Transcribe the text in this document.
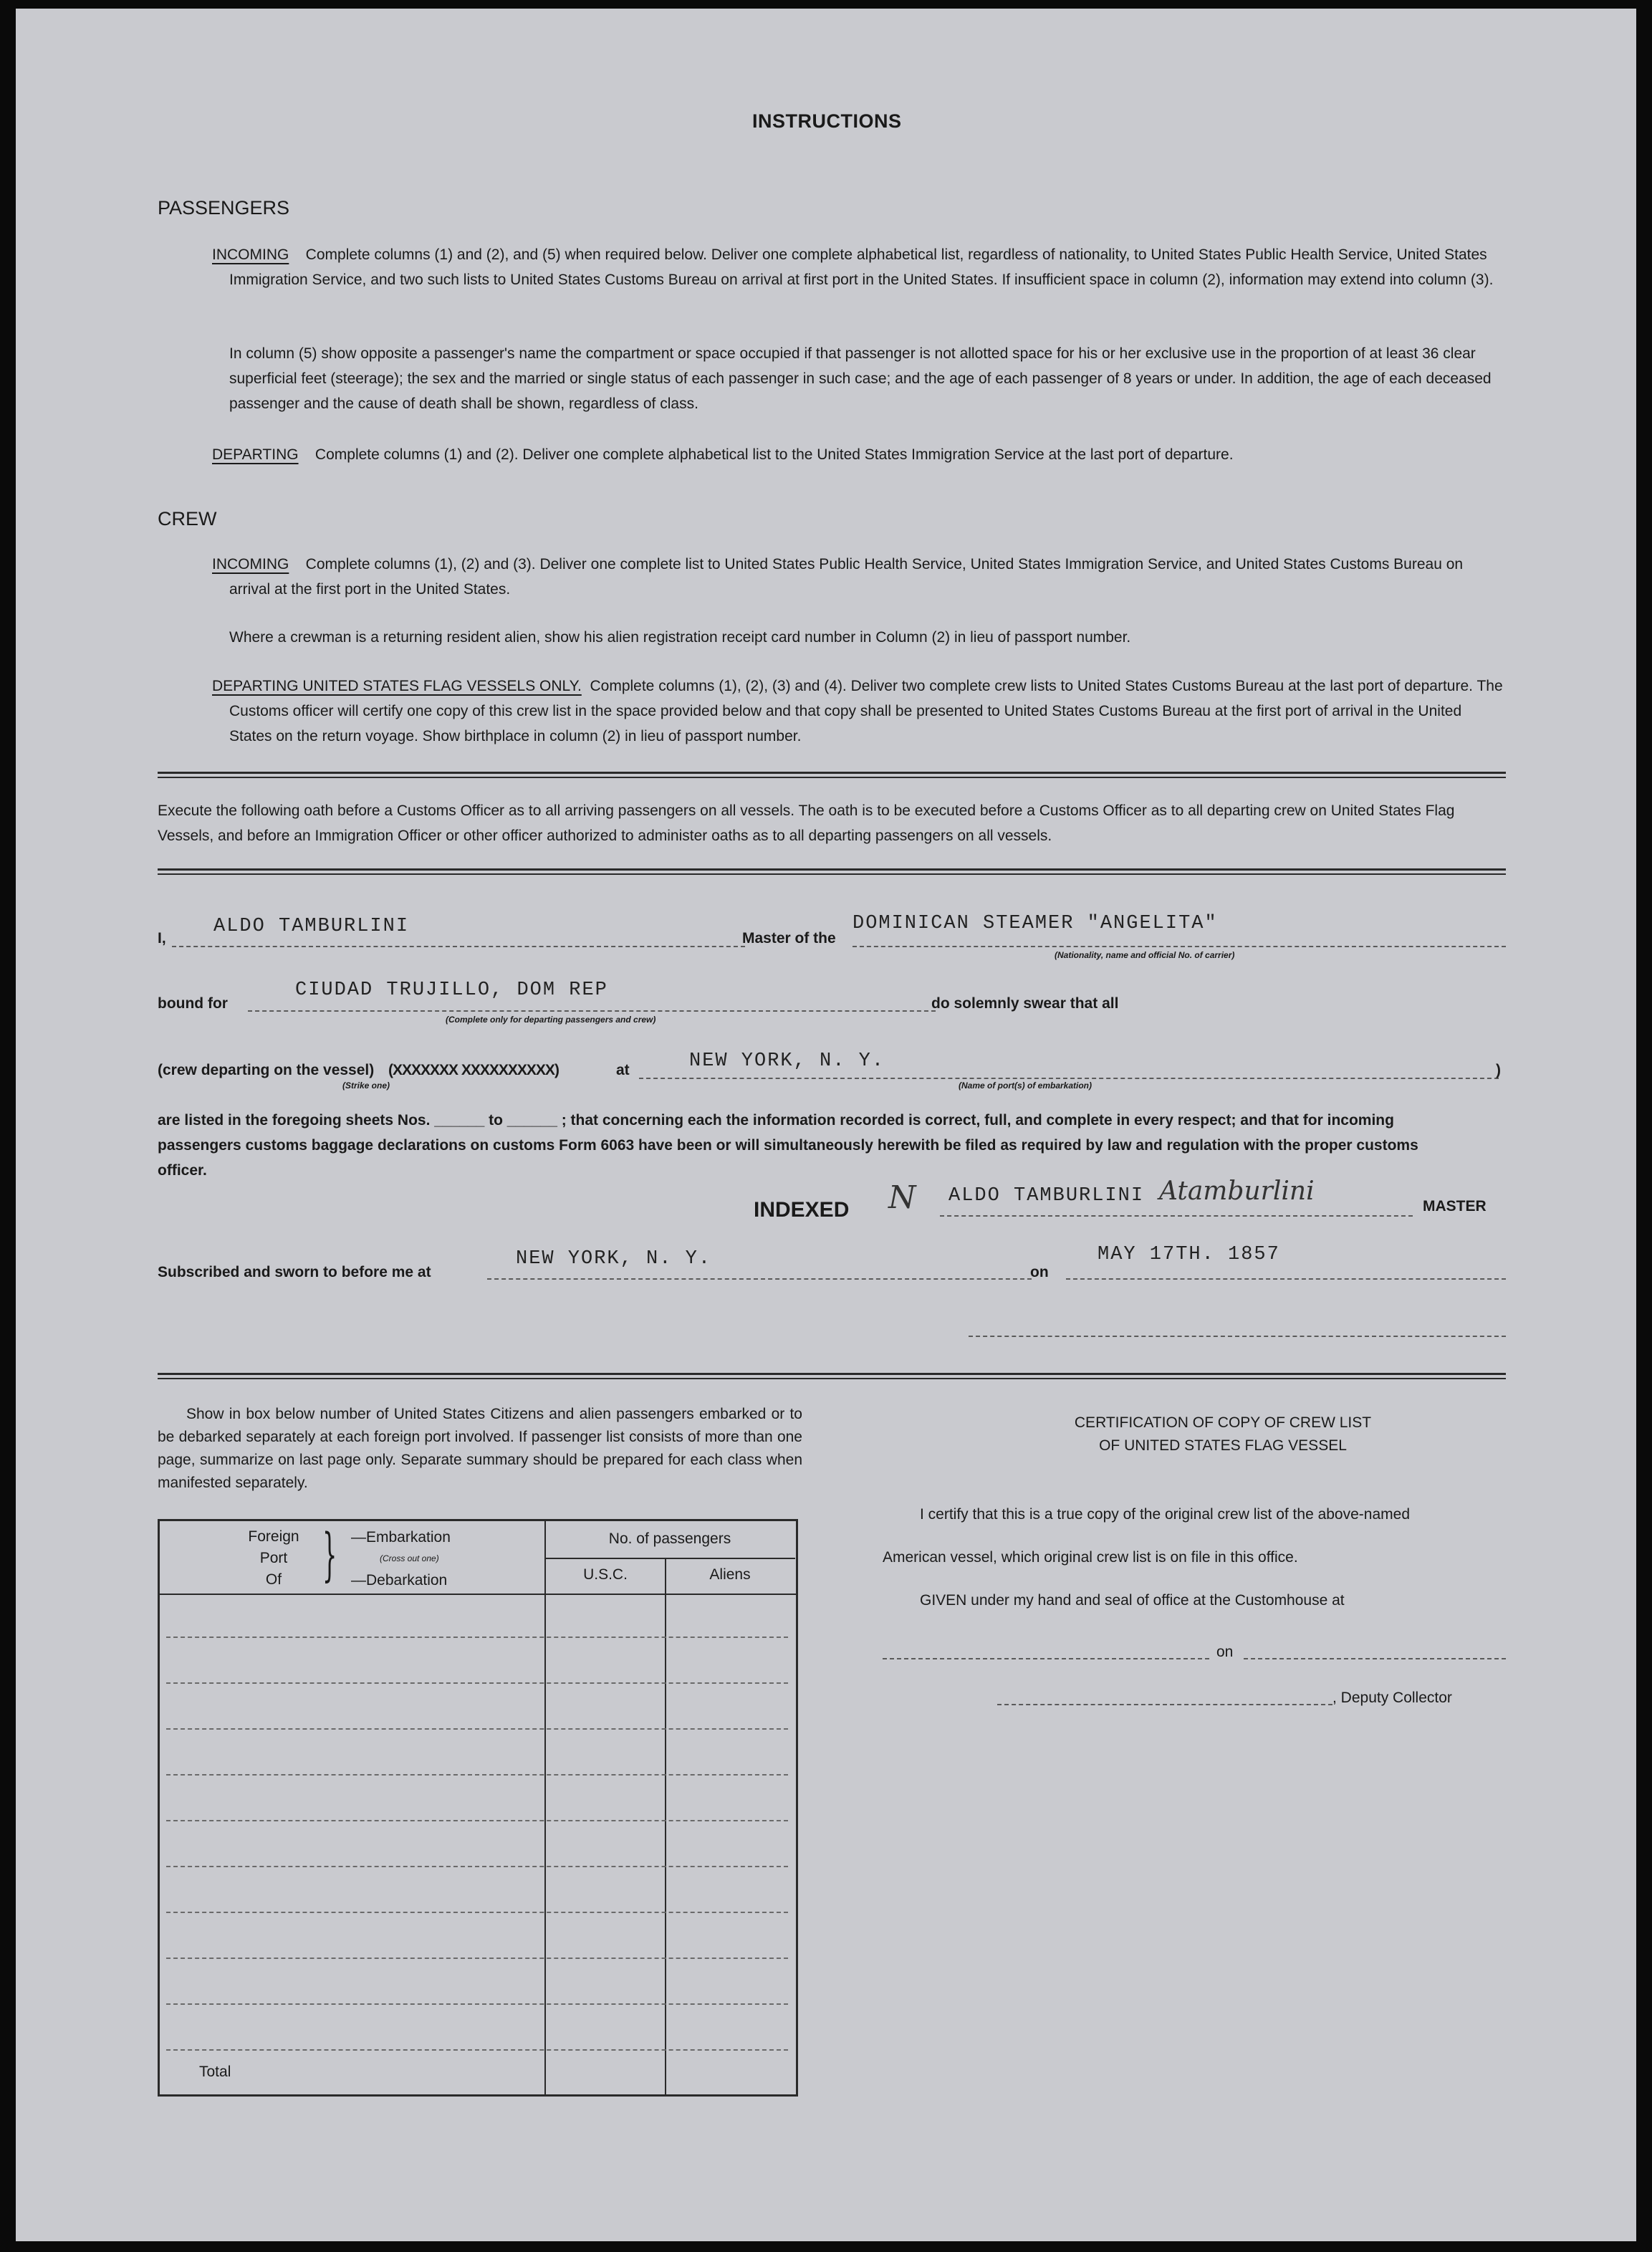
INSTRUCTIONS
PASSENGERS
INCOMING Complete columns (1) and (2), and (5) when required below. Deliver one complete alphabetical list, regardless of nationality, to United States Public Health Service, United States Immigration Service, and two such lists to United States Customs Bureau on arrival at first port in the United States. If insufficient space in column (2), information may extend into column (3).
In column (5) show opposite a passenger's name the compartment or space occupied if that passenger is not allotted space for his or her exclusive use in the proportion of at least 36 clear superficial feet (steerage); the sex and the married or single status of each passenger in such case; and the age of each passenger of 8 years or under. In addition, the age of each deceased passenger and the cause of death shall be shown, regardless of class.
DEPARTING Complete columns (1) and (2). Deliver one complete alphabetical list to the United States Immigration Service at the last port of departure.
CREW
INCOMING Complete columns (1), (2) and (3). Deliver one complete list to United States Public Health Service, United States Immigration Service, and United States Customs Bureau on arrival at the first port in the United States.
Where a crewman is a returning resident alien, show his alien registration receipt card number in Column (2) in lieu of passport number.
DEPARTING UNITED STATES FLAG VESSELS ONLY. Complete columns (1), (2), (3) and (4). Deliver two complete crew lists to United States Customs Bureau at the last port of departure. The Customs officer will certify one copy of this crew list in the space provided below and that copy shall be presented to United States Customs Bureau at the first port of arrival in the United States on the return voyage. Show birthplace in column (2) in lieu of passport number.
Execute the following oath before a Customs Officer as to all arriving passengers on all vessels. The oath is to be executed before a Customs Officer as to all departing crew on United States Flag Vessels, and before an Immigration Officer or other officer authorized to administer oaths as to all departing passengers on all vessels.
I,
ALDO TAMBURLINI
Master of the
DOMINICAN STEAMER "ANGELITA"
(Nationality, name and official No. of carrier)
bound for
CIUDAD TRUJILLO, DOM REP
(Complete only for departing passengers and crew)
do solemnly swear that all
(crew departing on the vessel) (XXXXXXX XXXXXXXXXX)	at
(Strike one)
NEW YORK, N. Y.
(Name of port(s) of embarkation)
)
are listed in the foregoing sheets Nos. ______ to ______ ; that concerning each the information recorded is correct, full, and complete in every respect; and that for incoming
passengers customs baggage declarations on customs Form 6063 have been or will simultaneously herewith be filed as required by law and regulation with the proper customs
officer.
INDEXED N ALDO TAMBURLINI Atamburlini
MASTER
Subscribed and sworn to before me at
NEW YORK, N. Y.
on
MAY 17TH. 1857
Show in box below number of United States Citizens and alien passengers embarked or to be debarked separately at each foreign port involved. If passenger list consists of more than one page, summarize on last page only. Separate summary should be prepared for each class when manifested separately.
Foreign
Port
Of } —Embarkation
(Cross out one)
—Debarkation
No. of passengers
U.S.C.	Aliens
Total
CERTIFICATION OF COPY OF CREW LIST
OF UNITED STATES FLAG VESSEL
I certify that this is a true copy of the original crew list of the above-named
American vessel, which original crew list is on file in this office.
GIVEN under my hand and seal of office at the Customhouse at
on
, Deputy Collector
